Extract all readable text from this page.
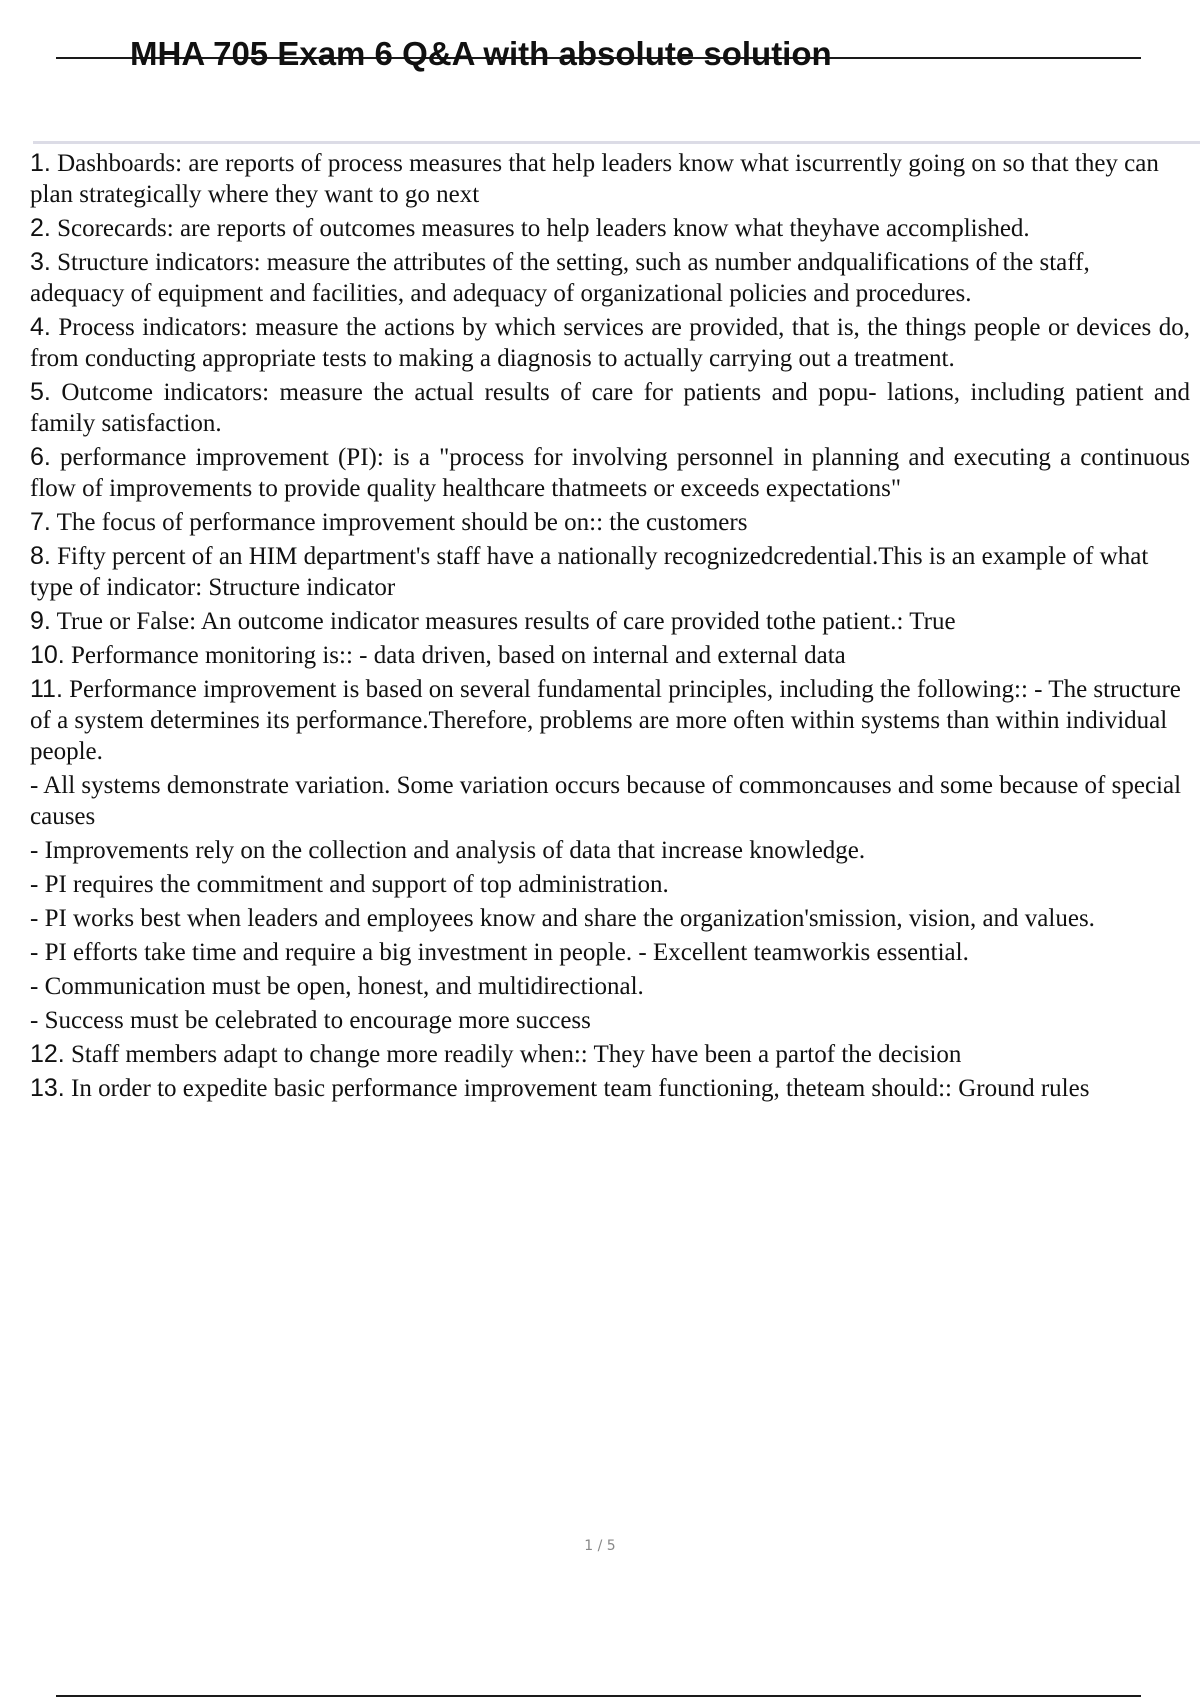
MHA 705 Exam 6 Q&A with absolute solution

1. Dashboards: are reports of process measures that help leaders know what iscurrently going on so that they can plan strategically where they want to go next

2. Scorecards: are reports of outcomes measures to help leaders know what theyhave accomplished.

3. Structure indicators: measure the attributes of the setting, such as number andqualifications of the staff, adequacy of equipment and facilities, and adequacy of organizational policies and procedures.

4. Process indicators: measure the actions by which services are provided, that is, the things people or devices do, from conducting appropriate tests to making a diagnosis to actually carrying out a treatment.

5. Outcome indicators: measure the actual results of care for patients and popu- lations, including patient and family satisfaction.

6. performance improvement (PI): is a "process for involving personnel in planning and executing a continuous flow of improvements to provide quality healthcare thatmeets or exceeds expectations"

7. The focus of performance improvement should be on:: the customers

8. Fifty percent of an HIM department's staff have a nationally recognizedcredential.This is an example of what type of indicator: Structure indicator

9. True or False: An outcome indicator measures results of care provided tothe patient.: True

10. Performance monitoring is:: - data driven, based on internal and external data

11. Performance improvement is based on several fundamental principles, including the following:: - The structure of a system determines its performance.Therefore, problems are more often within systems than within individual people.

- All systems demonstrate variation. Some variation occurs because of commoncauses and some because of special causes

- Improvements rely on the collection and analysis of data that increase knowledge.

- PI requires the commitment and support of top administration.

- PI works best when leaders and employees know and share the organization'smission, vision, and values.

- PI efforts take time and require a big investment in people. - Excellent teamworkis essential.

- Communication must be open, honest, and multidirectional.

- Success must be celebrated to encourage more success

12. Staff members adapt to change more readily when:: They have been a partof the decision

13. In order to expedite basic performance improvement team functioning, theteam should:: Ground rules

1 / 5
